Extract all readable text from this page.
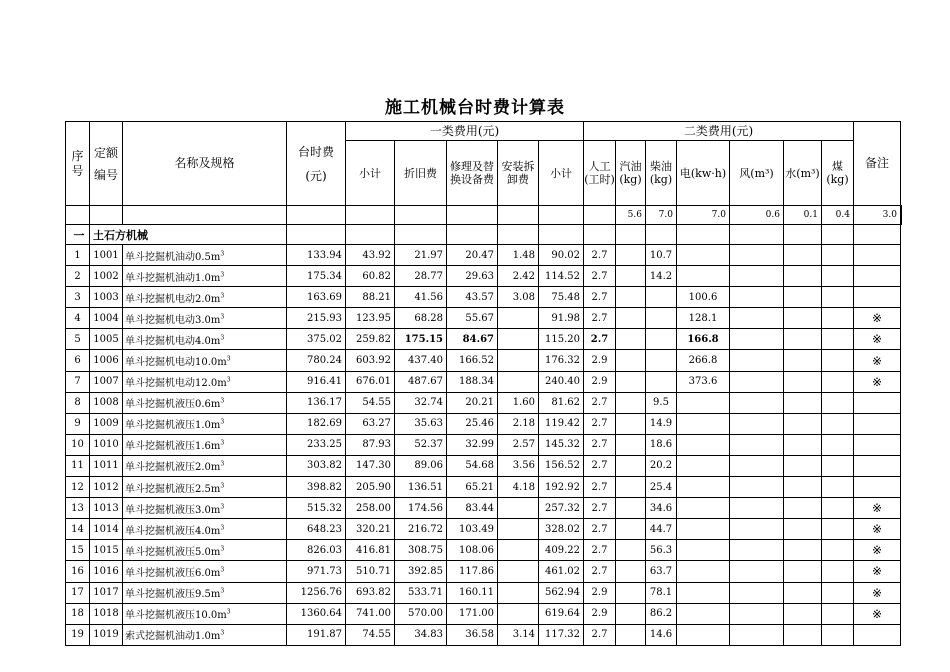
施工机械台时费计算表
序号	定额编号	名称及规格	台时费
(元)	一类费用(元)					二类费用(元)							备注	
				小计	折旧费	修理及替换设备费	安装拆卸费	小计	人工(工时)	汽油(kg)	柴油(kg)	电(kw·h)	风(m³)	水(m³)	煤(kg)		
										5.6	7.0	7.0	0.6	0.1	0.4	3.0	
一	土石方机械																
1	1001	单斗挖掘机油动$0.5m^3$	133.94	43.92	21.97	20.47	1.48	90.02	2.7		10.7						
2	1002	单斗挖掘机油动$1.0m^3$	175.34	60.82	28.77	29.63	2.42	114.52	2.7		14.2						
3	1003	单斗挖掘机电动$2.0m^3$	163.69	88.21	41.56	43.57	3.08	75.48	2.7			100.6					
4	1004	单斗挖掘机电动$3.0m^3$	215.93	123.95	68.28	55.67		91.98	2.7			128.1				※	
5	1005	单斗挖掘机电动$4.0m^3$	375.02	259.82	175.15	84.67		115.20	2.7			166.8				※	
6	1006	单斗挖掘机电动$10.0m^3$	780.24	603.92	437.40	166.52		176.32	2.9			266.8				※	
7	1007	单斗挖掘机电动$12.0m^3$	916.41	676.01	487.67	188.34		240.40	2.9			373.6				※	
8	1008	单斗挖掘机液压$0.6m^3$	136.17	54.55	32.74	20.21	1.60	81.62	2.7		9.5						
9	1009	单斗挖掘机液压$1.0m^3$	182.69	63.27	35.63	25.46	2.18	119.42	2.7		14.9						
10	1010	单斗挖掘机液压$1.6m^3$	233.25	87.93	52.37	32.99	2.57	145.32	2.7		18.6						
11	1011	单斗挖掘机液压$2.0m^3$	303.82	147.30	89.06	54.68	3.56	156.52	2.7		20.2						
12	1012	单斗挖掘机液压$2.5m^3$	398.82	205.90	136.51	65.21	4.18	192.92	2.7		25.4						
13	1013	单斗挖掘机液压$3.0m^3$	515.32	258.00	174.56	83.44		257.32	2.7		34.6					※	
14	1014	单斗挖掘机液压$4.0m^3$	648.23	320.21	216.72	103.49		328.02	2.7		44.7					※	
15	1015	单斗挖掘机液压$5.0m^3$	826.03	416.81	308.75	108.06		409.22	2.7		56.3					※	
16	1016	单斗挖掘机液压$6.0m^3$	971.73	510.71	392.85	117.86		461.02	2.7		63.7					※	
17	1017	单斗挖掘机液压$9.5m^3$	1256.76	693.82	533.71	160.11		562.94	2.9		78.1					※	
18	1018	单斗挖掘机液压$10.0m^3$	1360.64	741.00	570.00	171.00		619.64	2.9		86.2					※	
19	1019	索式挖掘机油动$1.0m^3$	191.87	74.55	34.83	36.58	3.14	117.32	2.7		14.6						
